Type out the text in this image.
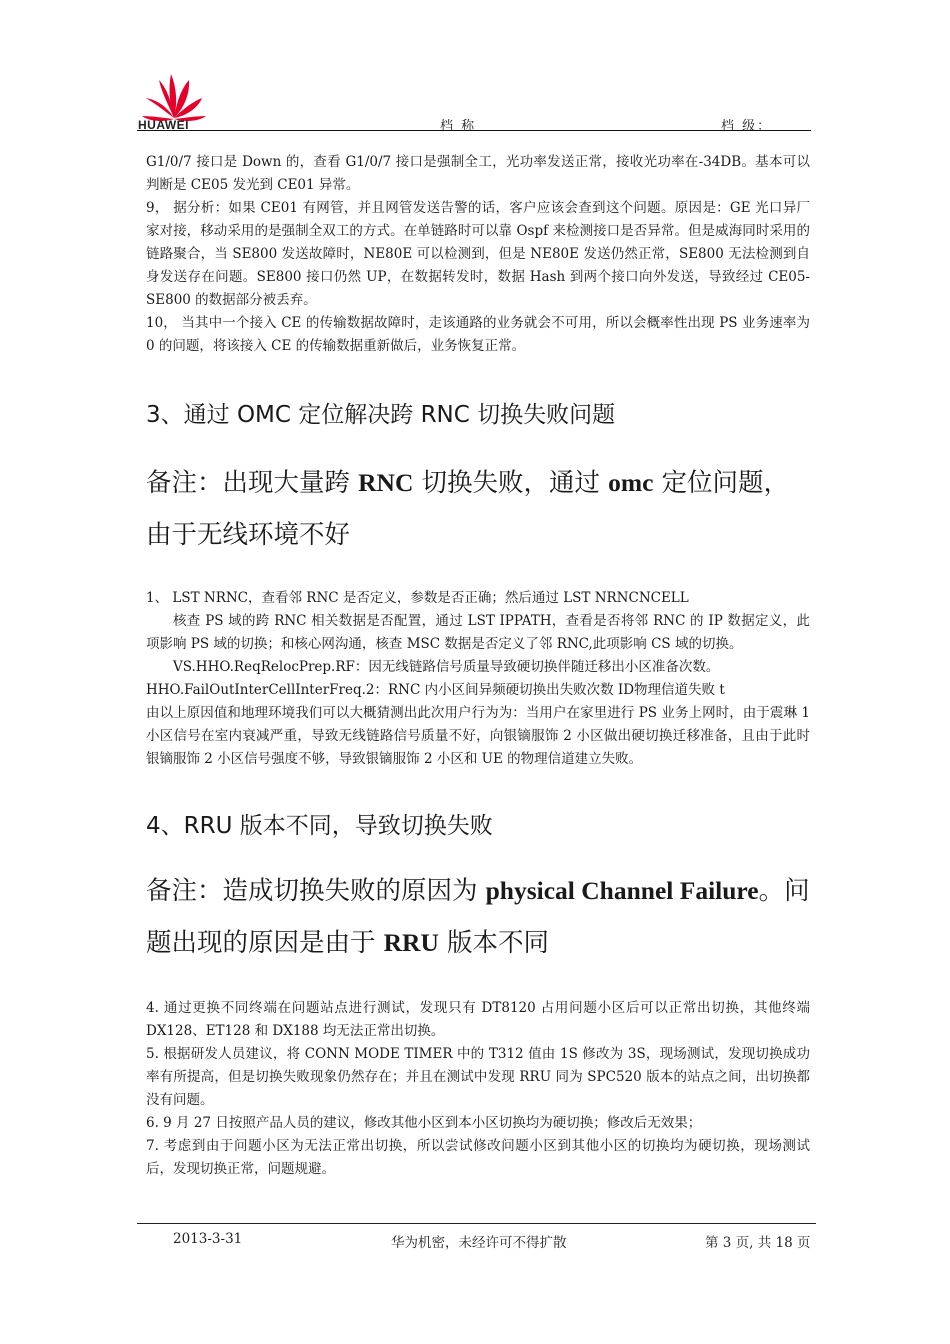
HUAWEI	档 称	档 级：

G1/0/7 接口是 Down 的，查看 G1/0/7 接口是强制全工，光功率发送正常，接收光功率在-34DB。基本可以判断是 CE05 发光到 CE01 异常。

9， 据分析：如果 CE01 有网管，并且网管发送告警的话，客户应该会查到这个问题。原因是：GE 光口异厂家对接，移动采用的是强制全双工的方式。在单链路时可以靠 Ospf 来检测接口是否异常。但是威海同时采用的链路聚合，当 SE800 发送故障时，NE80E 可以检测到，但是 NE80E 发送仍然正常，SE800 无法检测到自身发送存在问题。SE800 接口仍然 UP，在数据转发时，数据 Hash 到两个接口向外发送，导致经过 CE05-SE800 的数据部分被丢弃。

10， 当其中一个接入 CE 的传输数据故障时，走该通路的业务就会不可用，所以会概率性出现 PS 业务速率为 0 的问题，将该接入 CE 的传输数据重新做后，业务恢复正常。

3、通过 OMC 定位解决跨 RNC 切换失败问题

备注：出现大量跨 RNC 切换失败，通过 omc 定位问题，由于无线环境不好

1、 LST NRNC，查看邻 RNC 是否定义，参数是否正确；然后通过 LST NRNCNCELL

核查 PS 域的跨 RNC 相关数据是否配置，通过 LST IPPATH，查看是否将邻 RNC 的 IP 数据定义，此项影响 PS 域的切换；和核心网沟通，核查 MSC 数据是否定义了邻 RNC,此项影响 CS 域的切换。

VS.HHO.ReqRelocPrep.RF：因无线链路信号质量导致硬切换伴随迁移出小区准备次数。

HHO.FailOutInterCellInterFreq.2：RNC 内小区间异频硬切换出失败次数 ID物理信道失败 t

由以上原因值和地理环境我们可以大概猜测出此次用户行为为：当用户在家里进行 PS 业务上网时，由于震琳 1 小区信号在室内衰减严重，导致无线链路信号质量不好，向银镝服饰 2 小区做出硬切换迁移准备，且由于此时银镝服饰 2 小区信号强度不够，导致银镝服饰 2 小区和 UE 的物理信道建立失败。

4、RRU 版本不同，导致切换失败

备注：造成切换失败的原因为 physical Channel Failure。问题出现的原因是由于 RRU 版本不同

4. 通过更换不同终端在问题站点进行测试，发现只有 DT8120 占用问题小区后可以正常出切换，其他终端 DX128、ET128 和 DX188 均无法正常出切换。

5. 根据研发人员建议，将 CONN MODE TIMER 中的 T312 值由 1S 修改为 3S，现场测试，发现切换成功率有所提高，但是切换失败现象仍然存在；并且在测试中发现 RRU 同为 SPC520 版本的站点之间，出切换都没有问题。

6. 9 月 27 日按照产品人员的建议，修改其他小区到本小区切换均为硬切换；修改后无效果；

7. 考虑到由于问题小区为无法正常出切换，所以尝试修改问题小区到其他小区的切换均为硬切换，现场测试后，发现切换正常，问题规避。

2013-3-31	华为机密，未经许可不得扩散	第 3 页, 共 18 页
